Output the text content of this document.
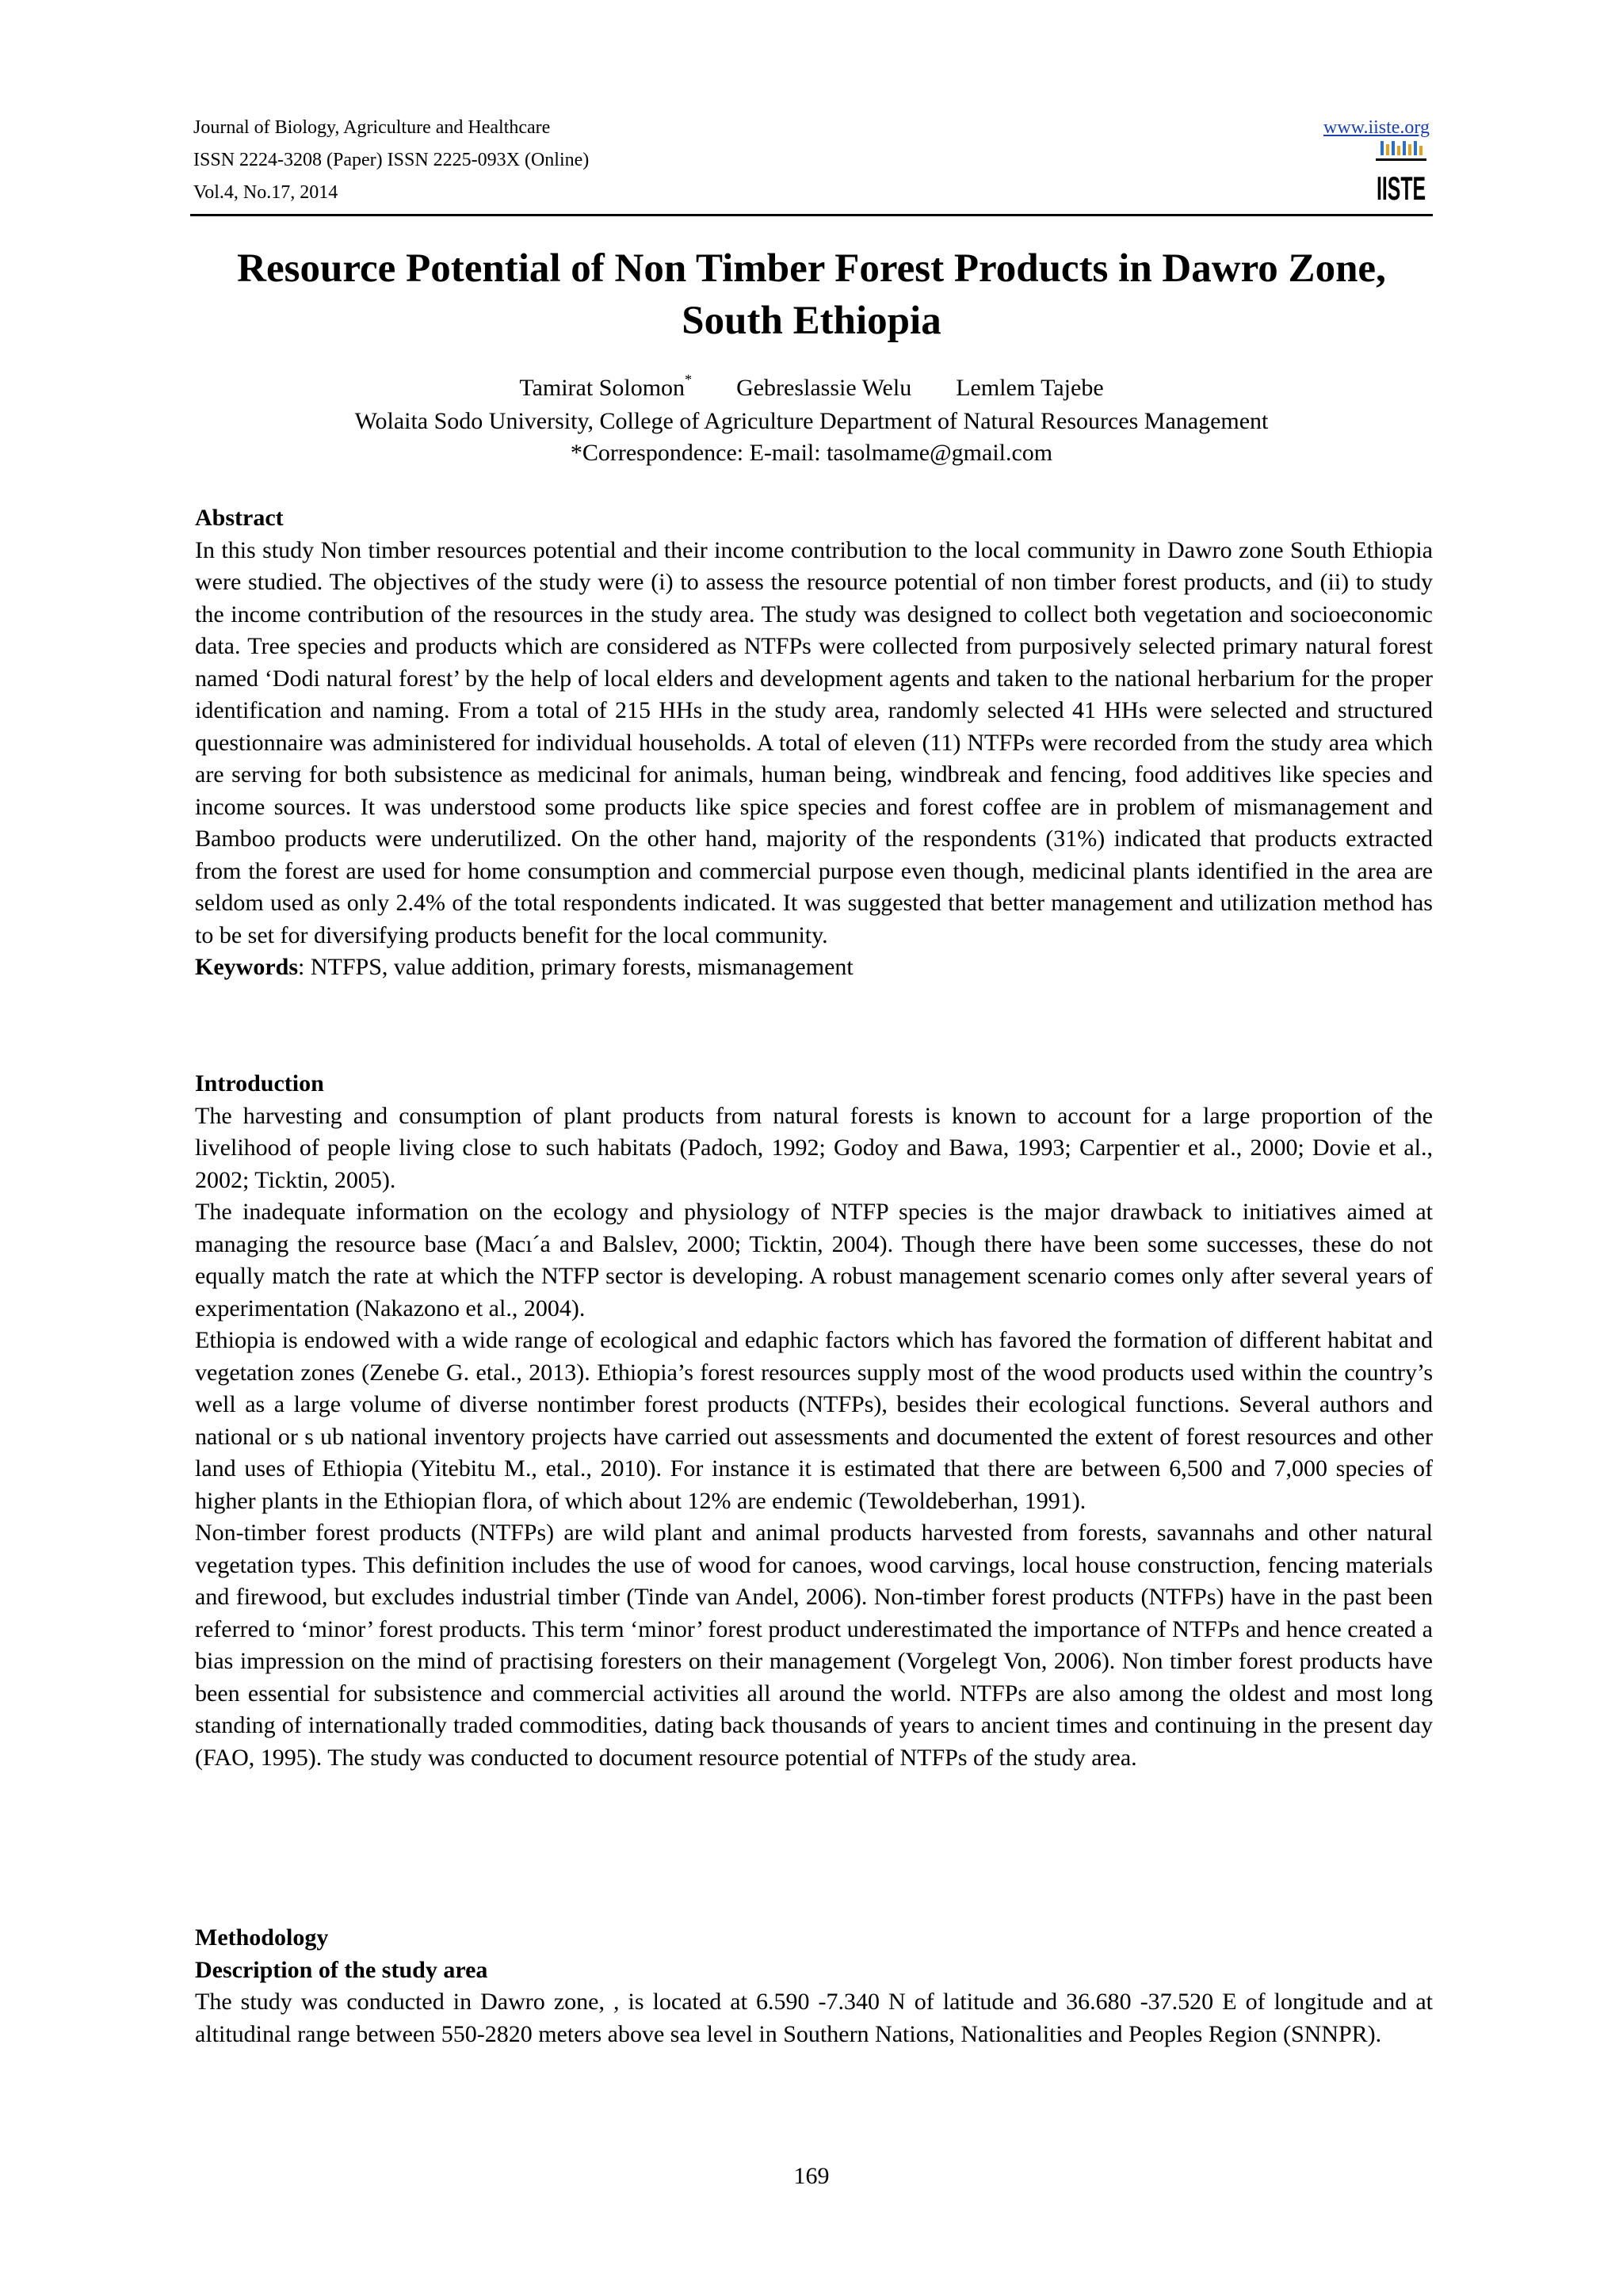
Journal of Biology, Agriculture and Healthcare
ISSN 2224-3208 (Paper) ISSN 2225-093X (Online)
Vol.4, No.17, 2014
www.iiste.org
IISTE
Resource Potential of Non Timber Forest Products in Dawro Zone, South Ethiopia
Tamirat Solomon* Gebreslassie Welu Lemlem Tajebe
Wolaita Sodo University, College of Agriculture Department of Natural Resources Management
*Correspondence: E-mail: tasolmame@gmail.com
Abstract

In this study Non timber resources potential and their income contribution to the local community in Dawro zone South Ethiopia were studied. The objectives of the study were (i) to assess the resource potential of non timber forest products, and (ii) to study the income contribution of the resources in the study area. The study was designed to collect both vegetation and socioeconomic data. Tree species and products which are considered as NTFPs were collected from purposively selected primary natural forest named ‘Dodi natural forest’ by the help of local elders and development agents and taken to the national herbarium for the proper identification and naming. From a total of 215 HHs in the study area, randomly selected 41 HHs were selected and structured questionnaire was administered for individual households. A total of eleven (11) NTFPs were recorded from the study area which are serving for both subsistence as medicinal for animals, human being, windbreak and fencing, food additives like species and income sources. It was understood some products like spice species and forest coffee are in problem of mismanagement and Bamboo products were underutilized. On the other hand, majority of the respondents (31%) indicated that products extracted from the forest are used for home consumption and commercial purpose even though, medicinal plants identified in the area are seldom used as only 2.4% of the total respondents indicated. It was suggested that better management and utilization method has to be set for diversifying products benefit for the local community.

Keywords: NTFPS, value addition, primary forests, mismanagement

Introduction

The harvesting and consumption of plant products from natural forests is known to account for a large proportion of the livelihood of people living close to such habitats (Padoch, 1992; Godoy and Bawa, 1993; Carpentier et al., 2000; Dovie et al., 2002; Ticktin, 2005).

The inadequate information on the ecology and physiology of NTFP species is the major drawback to initiatives aimed at managing the resource base (Macı´a and Balslev, 2000; Ticktin, 2004). Though there have been some successes, these do not equally match the rate at which the NTFP sector is developing. A robust management scenario comes only after several years of experimentation (Nakazono et al., 2004).

Ethiopia is endowed with a wide range of ecological and edaphic factors which has favored the formation of different habitat and vegetation zones (Zenebe G. etal., 2013). Ethiopia’s forest resources supply most of the wood products used within the country’s well as a large volume of diverse nontimber forest products (NTFPs), besides their ecological functions. Several authors and national or s ub national inventory projects have carried out assessments and documented the extent of forest resources and other land uses of Ethiopia (Yitebitu M., etal., 2010). For instance it is estimated that there are between 6,500 and 7,000 species of higher plants in the Ethiopian flora, of which about 12% are endemic (Tewoldeberhan, 1991).

Non-timber forest products (NTFPs) are wild plant and animal products harvested from forests, savannahs and other natural vegetation types. This definition includes the use of wood for canoes, wood carvings, local house construction, fencing materials and firewood, but excludes industrial timber (Tinde van Andel, 2006). Non-timber forest products (NTFPs) have in the past been referred to ‘minor’ forest products. This term ‘minor’ forest product underestimated the importance of NTFPs and hence created a bias impression on the mind of practising foresters on their management (Vorgelegt Von, 2006). Non timber forest products have been essential for subsistence and commercial activities all around the world. NTFPs are also among the oldest and most long standing of internationally traded commodities, dating back thousands of years to ancient times and continuing in the present day (FAO, 1995). The study was conducted to document resource potential of NTFPs of the study area.

Methodology
Description of the study area

The study was conducted in Dawro zone, , is located at 6.590 -7.340 N of latitude and 36.680 -37.520 E of longitude and at altitudinal range between 550-2820 meters above sea level in Southern Nations, Nationalities and Peoples Region (SNNPR).

169
